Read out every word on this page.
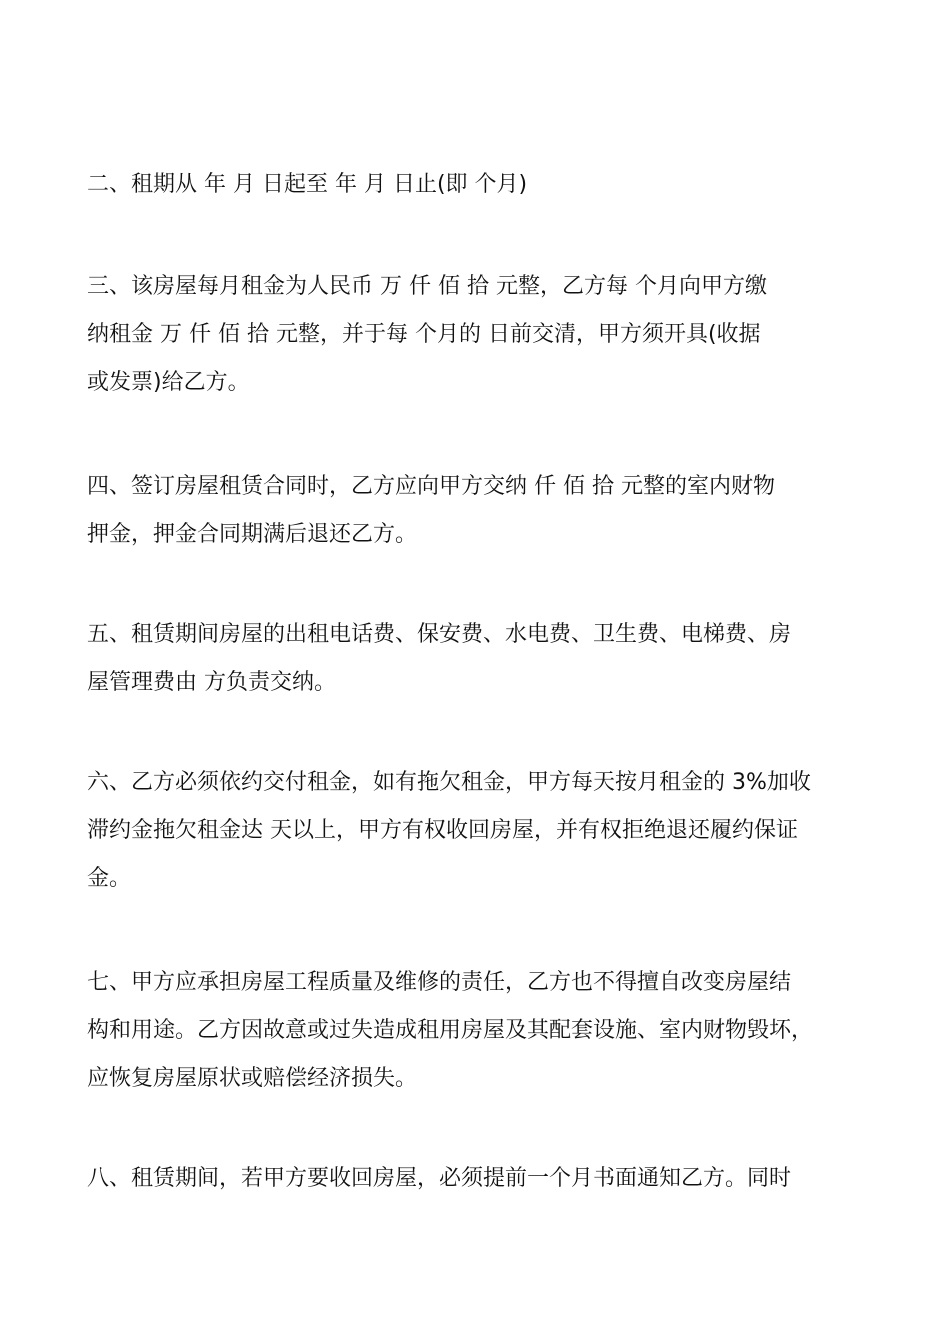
二、租期从 年 月 日起至 年 月 日止(即 个月)
三、该房屋每月租金为人民币 万 仟 佰 拾 元整，乙方每 个月向甲方缴
纳租金 万 仟 佰 拾 元整，并于每 个月的 日前交清，甲方须开具(收据
或发票)给乙方。
四、签订房屋租赁合同时，乙方应向甲方交纳 仟 佰 拾 元整的室内财物
押金，押金合同期满后退还乙方。
五、租赁期间房屋的出租电话费、保安费、水电费、卫生费、电梯费、房
屋管理费由 方负责交纳。
六、乙方必须依约交付租金，如有拖欠租金，甲方每天按月租金的 3%加收
滞约金拖欠租金达 天以上，甲方有权收回房屋，并有权拒绝退还履约保证
金。
七、甲方应承担房屋工程质量及维修的责任，乙方也不得擅自改变房屋结
构和用途。乙方因故意或过失造成租用房屋及其配套设施、室内财物毁坏，
应恢复房屋原状或赔偿经济损失。
八、租赁期间，若甲方要收回房屋，必须提前一个月书面通知乙方。同时
